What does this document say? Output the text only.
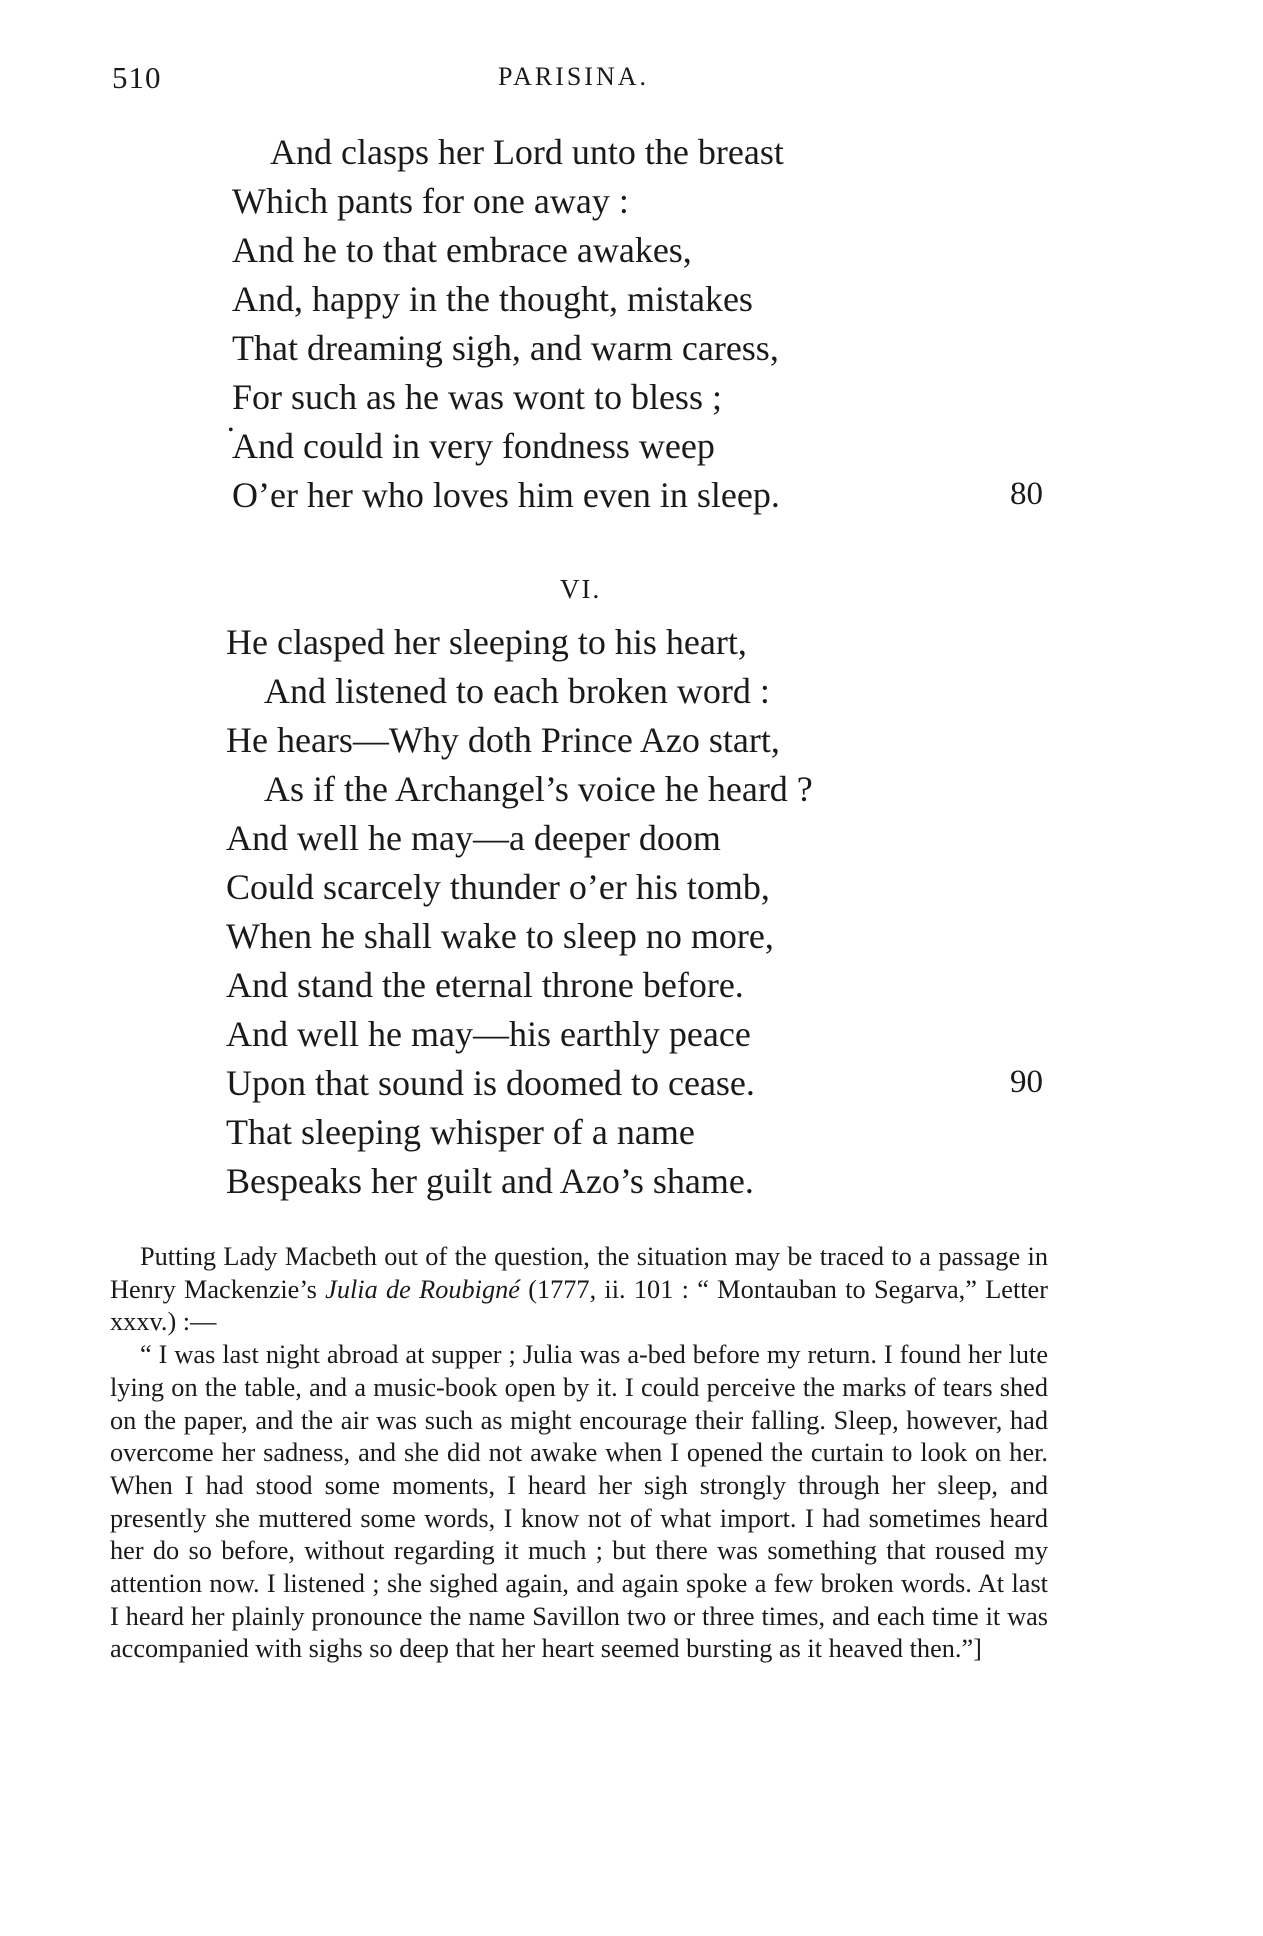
510	PARISINA.
And clasps her Lord unto the breast
Which pants for one away :
And he to that embrace awakes,
And, happy in the thought, mistakes
That dreaming sigh, and warm caress,
For such as he was wont to bless ;
•
And could in very fondness weep
O’er her who loves him even in sleep.	80
VI.
He clasped her sleeping to his heart,
And listened to each broken word :
He hears—Why doth Prince Azo start,
As if the Archangel’s voice he heard ?
And well he may—a deeper doom
Could scarcely thunder o’er his tomb,
When he shall wake to sleep no more,
And stand the eternal throne before.
And well he may—his earthly peace
Upon that sound is doomed to cease.	90
That sleeping whisper of a name
Bespeaks her guilt and Azo’s shame.

Putting Lady Macbeth out of the question, the situation may be traced to a passage in Henry Mackenzie’s Julia de Roubigné (1777, ii. 101 : “ Montauban to Segarva,” Letter xxxv.) :—

“ I was last night abroad at supper ; Julia was a-bed before my return. I found her lute lying on the table, and a music-book open by it. I could perceive the marks of tears shed on the paper, and the air was such as might encourage their falling. Sleep, however, had overcome her sadness, and she did not awake when I opened the curtain to look on her. When I had stood some moments, I heard her sigh strongly through her sleep, and presently she muttered some words, I know not of what import. I had sometimes heard her do so before, without regarding it much ; but there was something that roused my attention now. I listened ; she sighed again, and again spoke a few broken words. At last I heard her plainly pronounce the name Savillon two or three times, and each time it was accompanied with sighs so deep that her heart seemed bursting as it heaved then.”]
